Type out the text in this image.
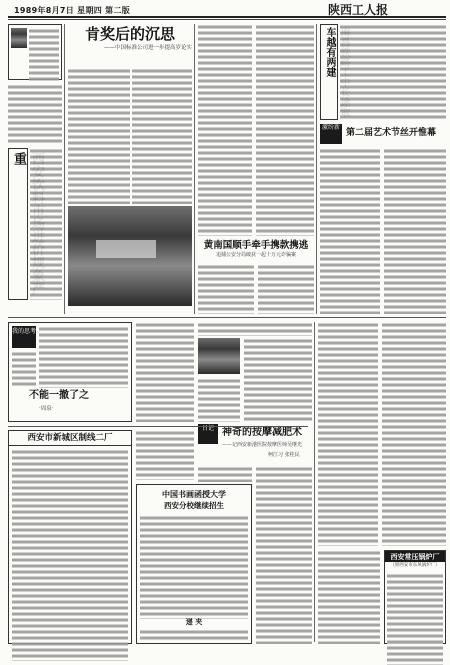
1989年8月7日 星期四 第二版	陕西工人报
重
肯奖后的沉思
——中国标准公司进一步提高岁论实
黄南国顺手牵手携款携逃
追捕公安分局破获一起十万元诈骗案
车越有两建
激纷新
第二届艺术节丝开惟幕
我的思考
不能一撤了之
·周泉·
日记 神奇的按摩减肥术
——记西安新港医院按摩医师吴继光
柯江习 张桂民
西安常压锅炉厂
（原西安市东风锅炉厂）
西安市新城区制线二厂
中国书画函授大学
西安分校继续招生
递 夹
